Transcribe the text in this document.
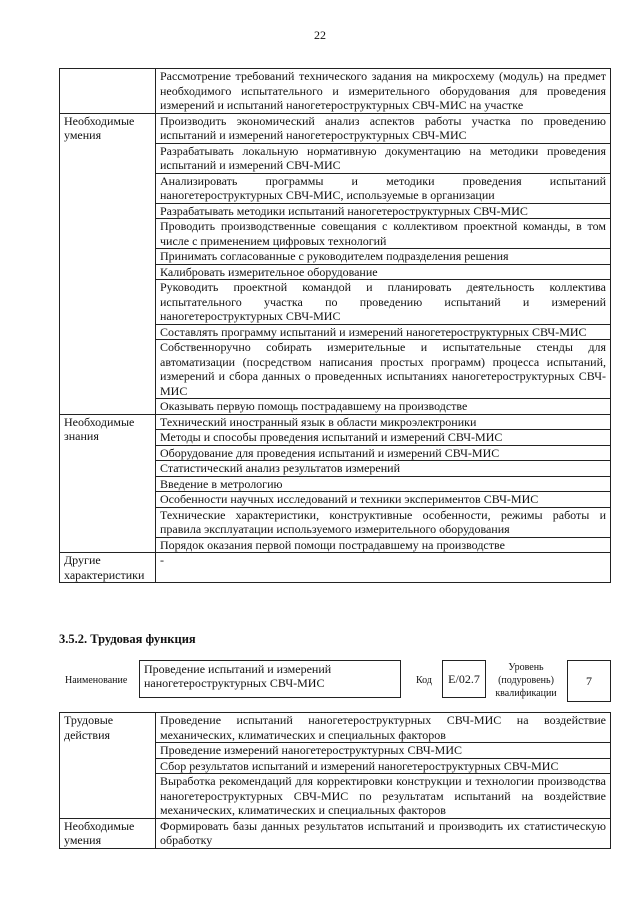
22
	Рассмотрение требований технического задания на микросхему (модуль) на предмет необходимого испытательного и измерительного оборудования для проведения измерений и испытаний наногетероструктурных СВЧ-МИС на участке
Необходимые умения	Производить экономический анализ аспектов работы участка по проведению испытаний и измерений наногетероструктурных СВЧ-МИС
	Разрабатывать локальную нормативную документацию на методики проведения испытаний и измерений СВЧ-МИС
	Анализировать программы и методики проведения испытаний наногетероструктурных СВЧ-МИС, используемые в организации
	Разрабатывать методики испытаний наногетероструктурных СВЧ-МИС
	Проводить производственные совещания с коллективом проектной команды, в том числе с применением цифровых технологий
	Принимать согласованные с руководителем подразделения решения
	Калибровать измерительное оборудование
	Руководить проектной командой и планировать деятельность коллектива испытательного участка по проведению испытаний и измерений наногетероструктурных СВЧ-МИС
	Составлять программу испытаний и измерений наногетероструктурных СВЧ-МИС
	Собственноручно собирать измерительные и испытательные стенды для автоматизации (посредством написания простых программ) процесса испытаний, измерений и сбора данных о проведенных испытаниях наногетероструктурных СВЧ-МИС
	Оказывать первую помощь пострадавшему на производстве
Необходимые знания	Технический иностранный язык в области микроэлектроники
	Методы и способы проведения испытаний и измерений СВЧ-МИС
	Оборудование для проведения испытаний и измерений СВЧ-МИС
	Статистический анализ результатов измерений
	Введение в метрологию
	Особенности научных исследований и техники экспериментов СВЧ-МИС
	Технические характеристики, конструктивные особенности, режимы работы и правила эксплуатации используемого измерительного оборудования
	Порядок оказания первой помощи пострадавшему на производстве
Другие характеристики	-
3.5.2. Трудовая функция
Наименование
Проведение испытаний и измерений
наногетероструктурных СВЧ-МИС	Код	E/02.7
Уровень
(подуровень)
квалификации
7
Трудовые действия	Проведение испытаний наногетероструктурных СВЧ-МИС на воздействие механических, климатических и специальных факторов
	Проведение измерений наногетероструктурных СВЧ-МИС
	Сбор результатов испытаний и измерений наногетероструктурных СВЧ-МИС
	Выработка рекомендаций для корректировки конструкции и технологии производства наногетероструктурных СВЧ-МИС по результатам испытаний на воздействие механических, климатических и специальных факторов
Необходимые умения	Формировать базы данных результатов испытаний и производить их статистическую обработку
